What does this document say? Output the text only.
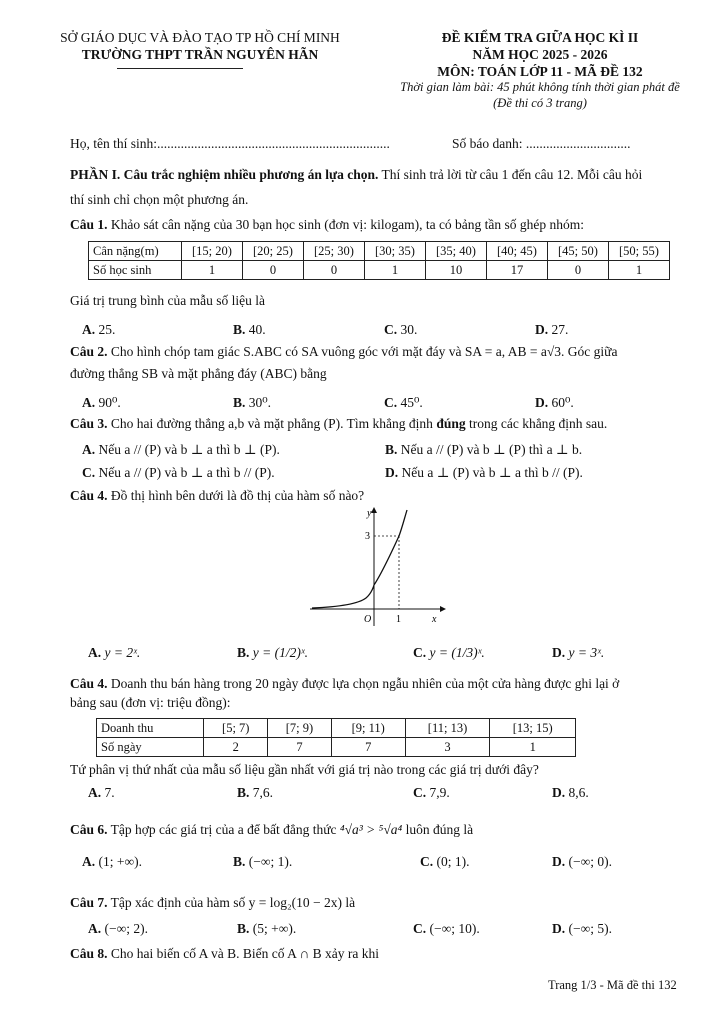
SỞ GIÁO DỤC VÀ ĐÀO TẠO TP HỒ CHÍ MINH
TRƯỜNG THPT TRẦN NGUYÊN HÃN
ĐỀ KIỂM TRA GIỮA HỌC KÌ II
NĂM HỌC 2025 - 2026
MÔN: TOÁN LỚP 11 - MÃ ĐỀ 132
Thời gian làm bài: 45 phút không tính thời gian phát đề
(Đề thi có 3 trang)
Họ, tên thí sinh:.....................................................................	Số báo danh: ...............................
PHẦN I. Câu trắc nghiệm nhiều phương án lựa chọn. Thí sinh trả lời từ câu 1 đến câu 12. Mỗi câu hỏi
thí sinh chỉ chọn một phương án.
Câu 1. Khảo sát cân nặng của 30 bạn học sinh (đơn vị: kilogam), ta có bảng tần số ghép nhóm:
Cân nặng(m)	[15; 20)	[20; 25)	[25; 30)	[30; 35)	[35; 40)	[40; 45)	[45; 50)	[50; 55)
Số học sinh	1	0	0	1	10	17	0	1
Giá trị trung bình của mẫu số liệu là
A. 25.	B. 40.	C. 30.	D. 27.
Câu 2. Cho hình chóp tam giác S.ABC có SA vuông góc với mặt đáy và SA = a, AB = a√3. Góc giữa
đường thẳng SB và mặt phẳng đáy (ABC) bằng
A. 90⁰.	B. 30⁰.	C. 45⁰.	D. 60⁰.
Câu 3. Cho hai đường thẳng a,b và mặt phẳng (P). Tìm khẳng định đúng trong các khẳng định sau.
A. Nếu a // (P) và b ⊥ a thì b ⊥ (P).	B. Nếu a // (P) và b ⊥ (P) thì a ⊥ b.
C. Nếu a // (P) và b ⊥ a thì b // (P).	D. Nếu a ⊥ (P) và b ⊥ a thì b // (P).
Câu 4. Đồ thị hình bên dưới là đồ thị của hàm số nào?
y
x
O 1
3
A. y = 2ˣ.	B. y = (1/2)ˣ.	C. y = (1/3)ˣ.	D. y = 3ˣ.
Câu 4. Doanh thu bán hàng trong 20 ngày được lựa chọn ngẫu nhiên của một cửa hàng được ghi lại ở
bảng sau (đơn vị: triệu đồng):
Doanh thu	[5; 7)	[7; 9)	[9; 11)	[11; 13)	[13; 15)
Số ngày	2	7	7	3	1
Tứ phân vị thứ nhất của mẫu số liệu gần nhất với giá trị nào trong các giá trị dưới đây?
A. 7.	B. 7,6.	C. 7,9.	D. 8,6.
Câu 6. Tập hợp các giá trị của a để bất đẳng thức ⁴√a³ > ⁵√a⁴ luôn đúng là
A. (1; +∞).	B. (−∞; 1).	C. (0; 1).	D. (−∞; 0).
Câu 7. Tập xác định của hàm số y = log₂(10 − 2x) là
A. (−∞; 2).	B. (5; +∞).	C. (−∞; 10).	D. (−∞; 5).
Câu 8. Cho hai biến cố A và B. Biến cố A ∩ B xảy ra khi
Trang 1/3 - Mã đề thi 132
